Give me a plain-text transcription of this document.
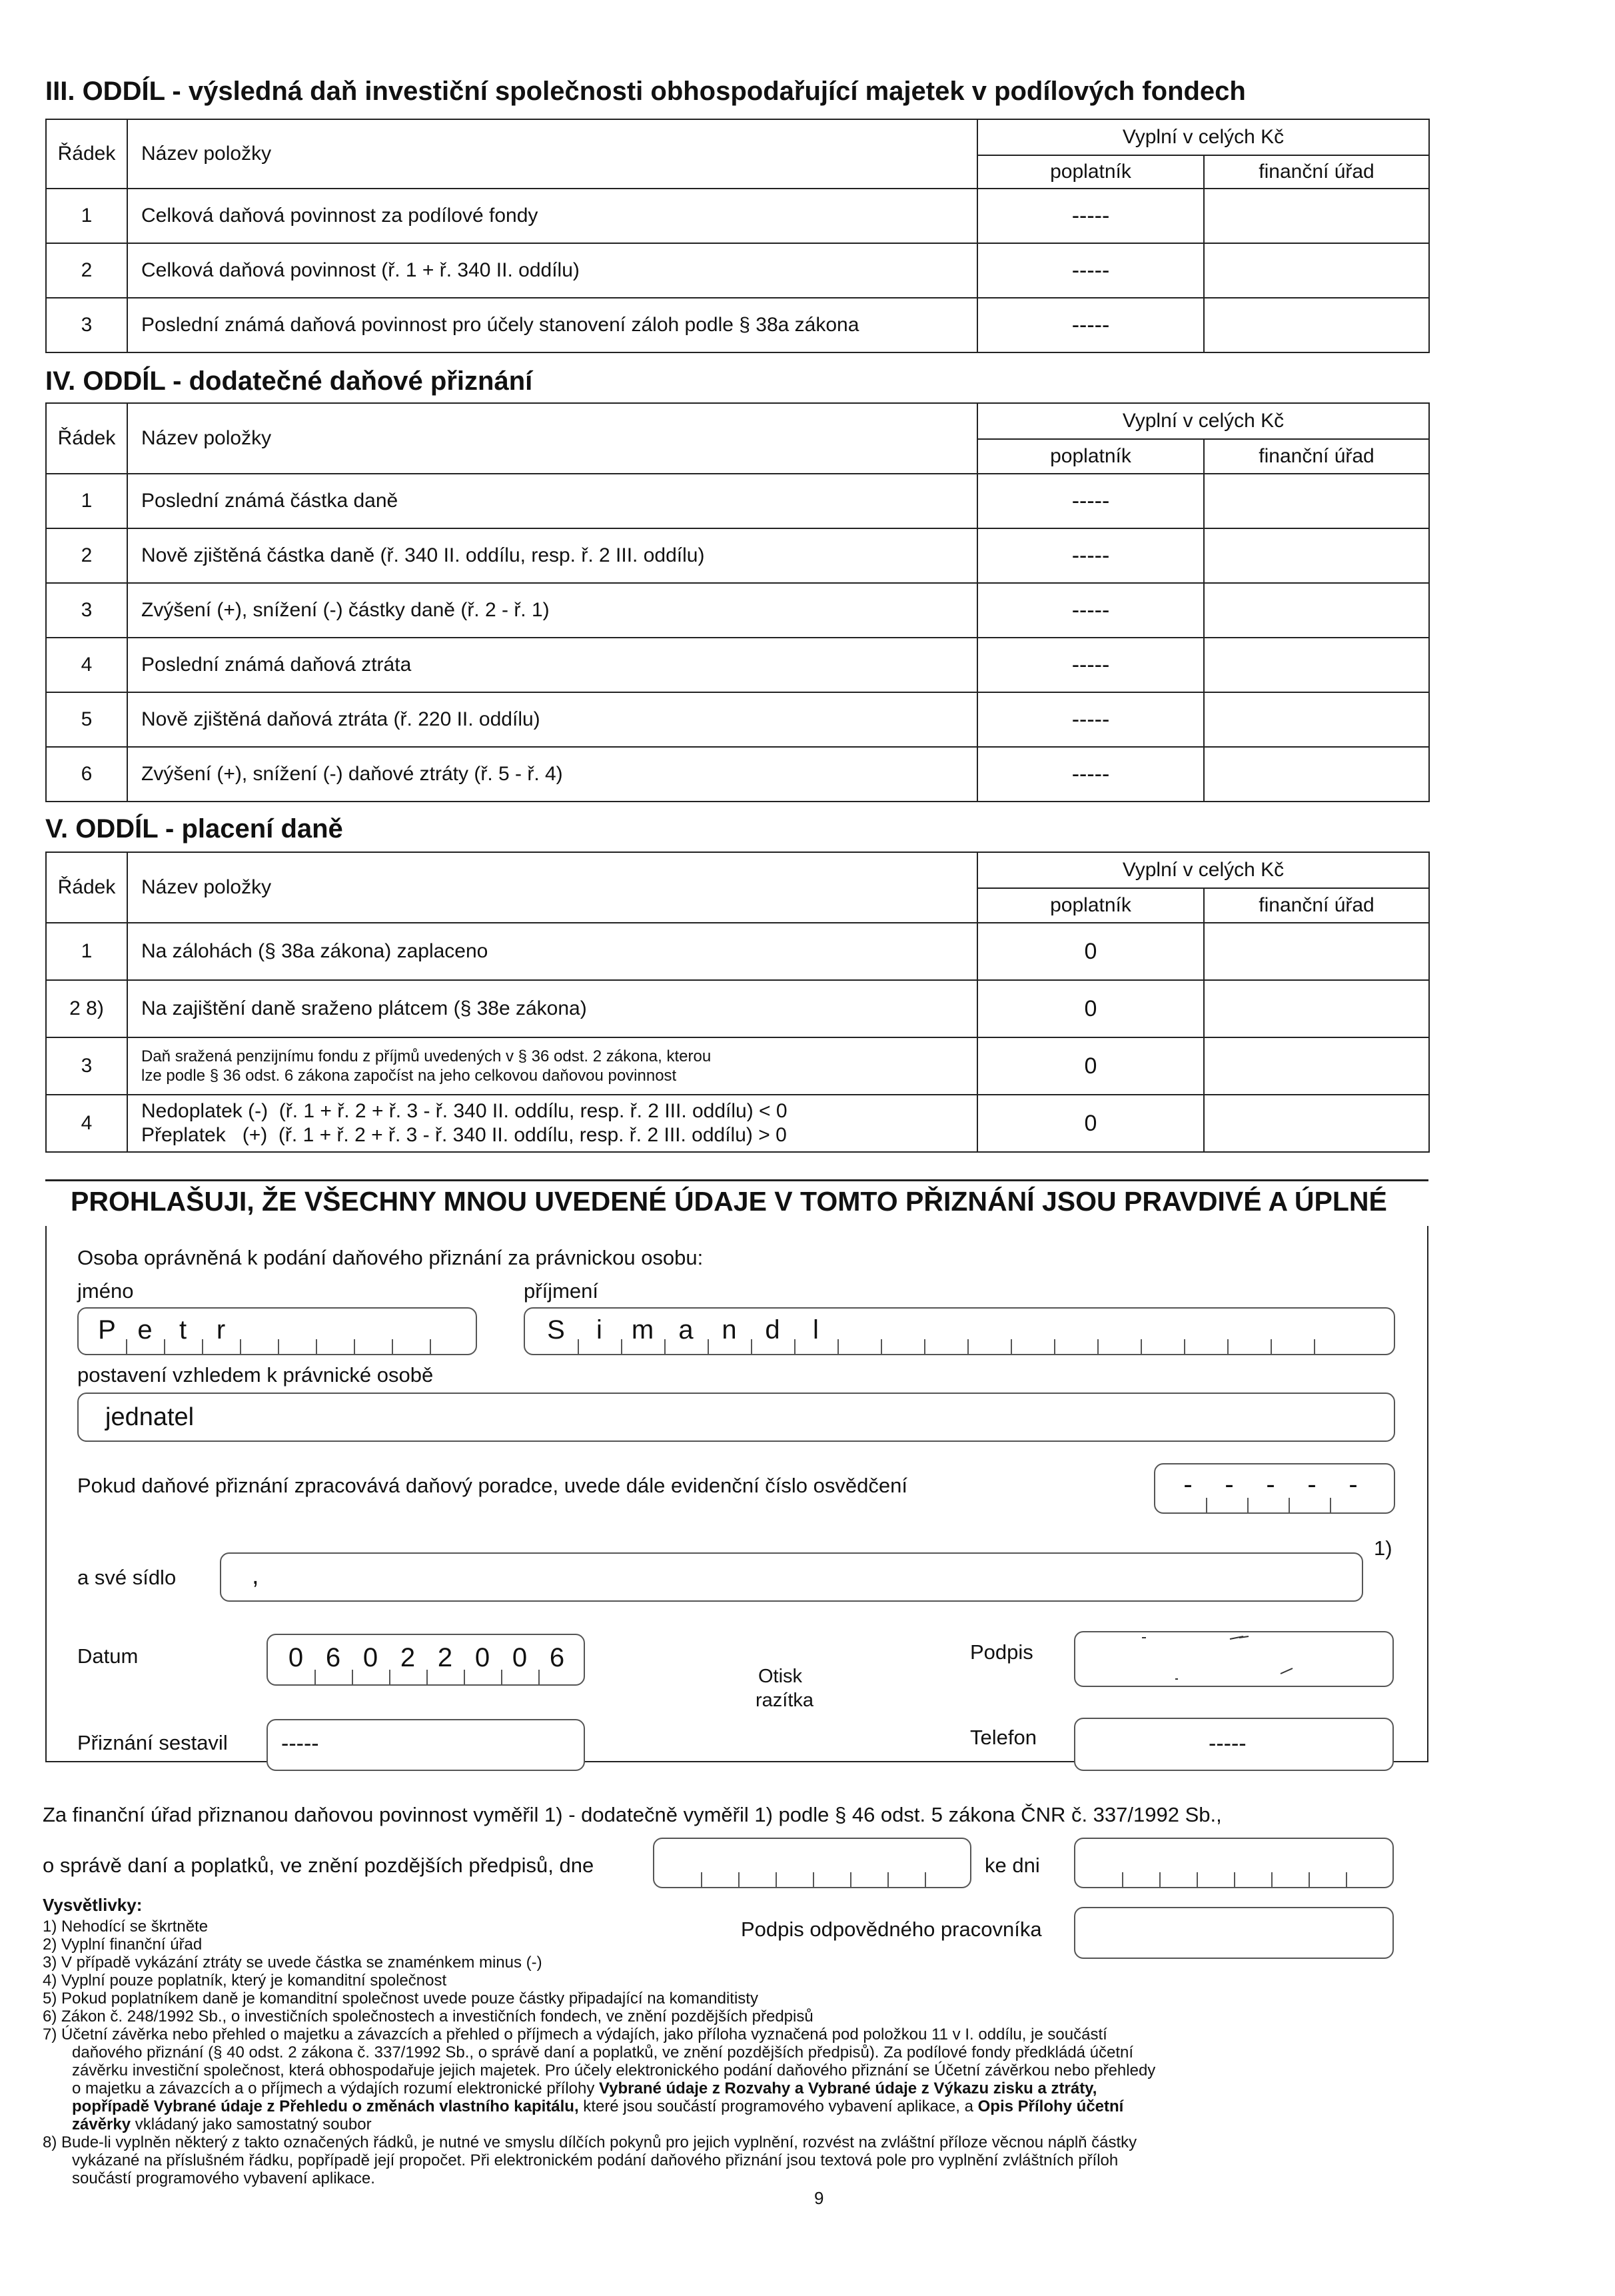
III. ODDÍL - výsledná daň investiční společnosti obhospodařující majetek v podílových fondech
Řádek	Název položky	Vyplní v celých Kč	
		poplatník	finanční úřad
1	Celková daňová povinnost za podílové fondy	-----	
2	Celková daňová povinnost (ř. 1 + ř. 340 II. oddílu)	-----	
3	Poslední známá daňová povinnost pro účely stanovení záloh podle § 38a zákona	-----	
IV. ODDÍL - dodatečné daňové přiznání
Řádek	Název položky	Vyplní v celých Kč	
		poplatník	finanční úřad
1	Poslední známá částka daně	-----	
2	Nově zjištěná částka daně (ř. 340 II. oddílu, resp. ř. 2 III. oddílu)	-----	
3	Zvýšení (+), snížení (-) částky daně (ř. 2 - ř. 1)	-----	
4	Poslední známá daňová ztráta	-----	
5	Nově zjištěná daňová ztráta (ř. 220 II. oddílu)	-----	
6	Zvýšení (+), snížení (-) daňové ztráty (ř. 5 - ř. 4)	-----	
V. ODDÍL - placení daně
Řádek	Název položky	Vyplní v celých Kč	
		poplatník	finanční úřad
1	Na zálohách (§ 38a zákona) zaplaceno	0	
2 8)	Na zajištění daně sraženo plátcem (§ 38e zákona)	0	
3	Daň sražená penzijnímu fondu z příjmů uvedených v § 36 odst. 2 zákona, kterou
lze podle § 36 odst. 6 zákona započíst na jeho celkovou daňovou povinnost	0	
4	Nedoplatek (-)  (ř. 1 + ř. 2 + ř. 3 - ř. 340 II. oddílu, resp. ř. 2 III. oddílu) < 0
Přeplatek   (+)  (ř. 1 + ř. 2 + ř. 3 - ř. 340 II. oddílu, resp. ř. 2 III. oddílu) > 0	0	
PROHLAŠUJI, ŽE VŠECHNY MNOU UVEDENÉ ÚDAJE V TOMTO PŘIZNÁNÍ JSOU PRAVDIVÉ A ÚPLNÉ
Osoba oprávněná k podání daňového přiznání za právnickou osobu:
jméno	příjmení
P e	t	r	S	i	m a	n	d	l
postavení vzhledem k právnické osobě
jednatel
Pokud daňové přiznání zpracovává daňový poradce, uvede dále evidenční číslo osvědčení	-	-	-	-	-
a své sídlo	,
1)
Datum	0 6 0 2 2 0 0 6
Otisk
razítka
Podpis
Přiznání sestavil -----	Telefon	-----
Za finanční úřad přiznanou daňovou povinnost vyměřil 1) - dodatečně vyměřil 1) podle § 46 odst. 5 zákona ČNR č. 337/1992 Sb.,
o správě daní a poplatků, ve znění pozdějších předpisů, dne	ke dni
Podpis odpovědného pracovníka
Vysvětlivky:
1) Nehodící se škrtněte
2) Vyplní finanční úřad
3) V případě vykázání ztráty se uvede částka se znaménkem minus (-)
4) Vyplní pouze poplatník, který je komanditní společnost
5) Pokud poplatníkem daně je komanditní společnost uvede pouze částky připadající na komanditisty
6) Zákon č. 248/1992 Sb., o investičních společnostech a investičních fondech, ve znění pozdějších předpisů
7) Účetní závěrka nebo přehled o majetku a závazcích a přehled o příjmech a výdajích, jako příloha vyznačená pod položkou 11 v I. oddílu, je součástí
daňového přiznání (§ 40 odst. 2 zákona č. 337/1992 Sb., o správě daní a poplatků, ve znění pozdějších předpisů). Za podílové fondy předkládá účetní
závěrku investiční společnost, která obhospodařuje jejich majetek. Pro účely elektronického podání daňového přiznání se Účetní závěrkou nebo přehledy
o majetku a závazcích a o příjmech a výdajích rozumí elektronické přílohy Vybrané údaje z Rozvahy a Vybrané údaje z Výkazu zisku a ztráty,
popřípadě Vybrané údaje z Přehledu o změnách vlastního kapitálu, které jsou součástí programového vybavení aplikace, a Opis Přílohy účetní
závěrky vkládaný jako samostatný soubor
8) Bude-li vyplněn některý z takto označených řádků, je nutné ve smyslu dílčích pokynů pro jejich vyplnění, rozvést na zvláštní příloze věcnou náplň částky
vykázané na příslušném řádku, popřípadě její propočet. Při elektronickém podání daňového přiznání jsou textová pole pro vyplnění zvláštních příloh
součástí programového vybavení aplikace.
9
